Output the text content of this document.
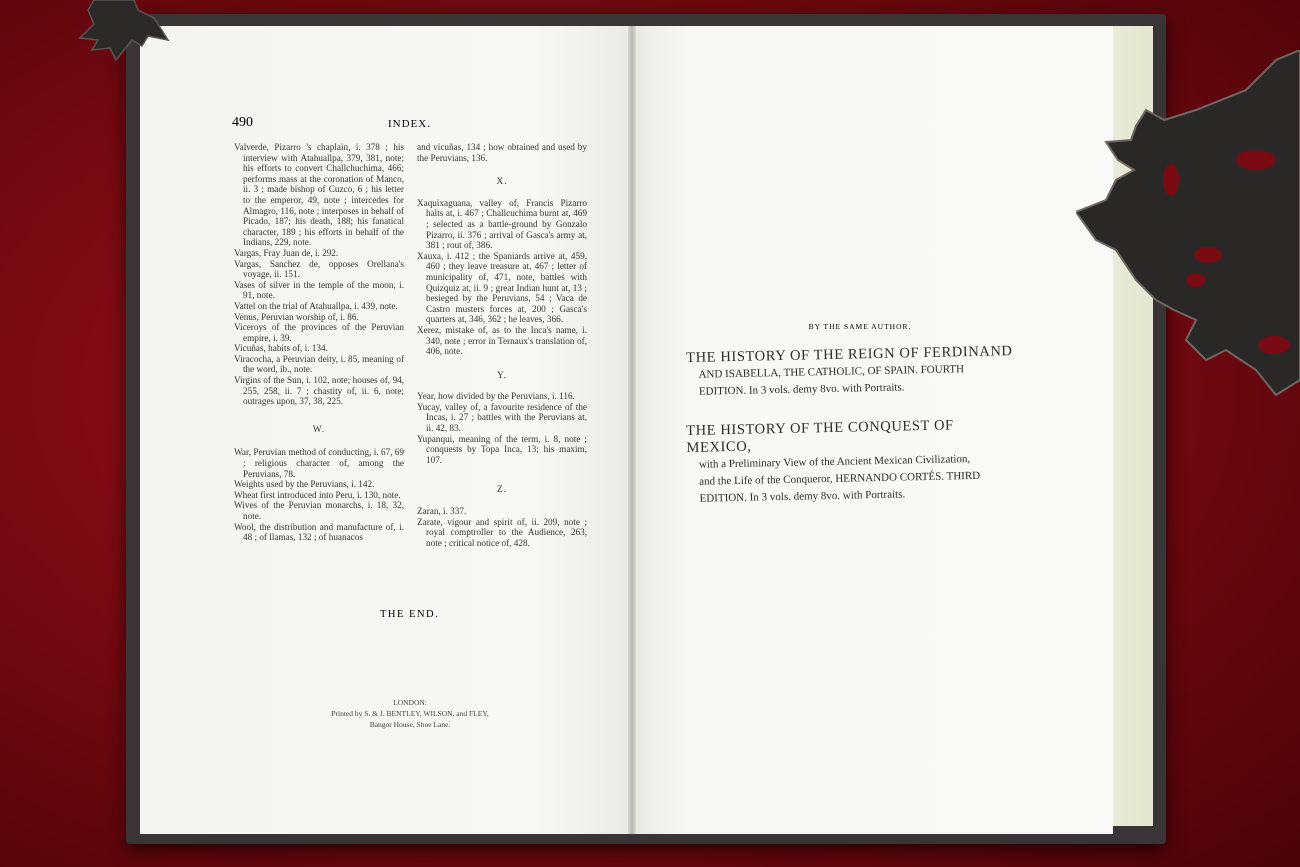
490	INDEX.

Valverde, Pizarro 's chaplain, i. 378 ; his interview with Atahuallpa, 379, 381, note; his efforts to convert Challchuchima, 466; performs mass at the coronation of Manco, ii. 3 ; made bishop of Cuzco, 6 ; his letter to the emperor, 49, note ; intercedes for Almagro, 116, note ; interposes in behalf of Picado, 187; his death, 188; his fanatical character, 189 ; his efforts in behalf of the Indians, 229, note.

Vargas, Fray Juan de, i. 292.

Vargas, Sanchez de, opposes Orellana's voyage, ii. 151.

Vases of silver in the temple of the moon, i. 91, note.

Vattel on the trial of Atahuallpa, i. 439, note.

Venus, Peruvian worship of, i. 86.

Viceroys of the provinces of the Peruvian empire, i. 39.

Vicuñas, habits of, i. 134.

Viracocha, a Peruvian deity, i. 85, meaning of the word, ib., note.

Virgins of the Sun, i. 102, note; houses of, 94, 255, 258, ii. 7 ; chastity of, ii. 6, note; outrages upon, 37, 38, 225.

W.

War, Peruvian method of conducting, i. 67, 69 ; religious character of, among the Peruvians, 78.

Weights used by the Peruvians, i. 142.

Wheat first introduced into Peru, i. 130, note.

Wives of the Peruvian monarchs, i. 18, 32, note.

Wool, the distribution and manufacture of, i. 48 ; of llamas, 132 ; of huanacos

and vicuñas, 134 ; how obtained and used by the Peruvians, 136.

X.

Xaquixaguana, valley of, Francis Pizarro halts at, i. 467 ; Challcuchima burnt at, 469 ; selected as a battle-ground by Gonzalo Pizarro, ii. 376 ; arrival of Gasca's army at, 381 ; rout of, 386.

Xauxa, i. 412 ; the Spaniards arrive at, 459, 460 ; they leave treasure at, 467 ; letter of municipality of, 471, note, battles with Quizquiz at, ii. 9 ; great Indian hunt at, 13 ; besieged by the Peruvians, 54 ; Vaca de Castro musters forces at, 200 ; Gasca's quarters at, 346, 362 ; he leaves, 366.

Xerez, mistake of, as to the Inca's name, i. 340, note ; error in Ternaux's translation of, 406, note.

Y.

Year, how divided by the Peruvians, i. 116.

Yucay, valley of, a favourite residence of the Incas, i. 27 ; battles with the Peruvians at, ii. 42, 83.

Yupanqui, meaning of the term, i. 8, note ; conquests by Topa Inca, 13; his maxim, 107.

Z.

Zaran, i. 337.

Zarate, vigour and spirit of, ii. 209, note ; royal comptroller to the Audience, 263, note ; critical notice of, 428.

THE END.
LONDON:
Printed by S. & J. BENTLEY, WILSON, and FLEY,
Bangor House, Shoe Lane.
BY THE SAME AUTHOR,
THE HISTORY OF THE REIGN OF FERDINAND
AND ISABELLA, THE CATHOLIC, OF SPAIN. FOURTH
EDITION. In 3 vols. demy 8vo. with Portraits.
THE HISTORY OF THE CONQUEST OF MEXICO,
with a Preliminary View of the Ancient Mexican Civilization,
and the Life of the Conqueror, HERNANDO CORTÉS. THIRD
EDITION. In 3 vols. demy 8vo. with Portraits.
